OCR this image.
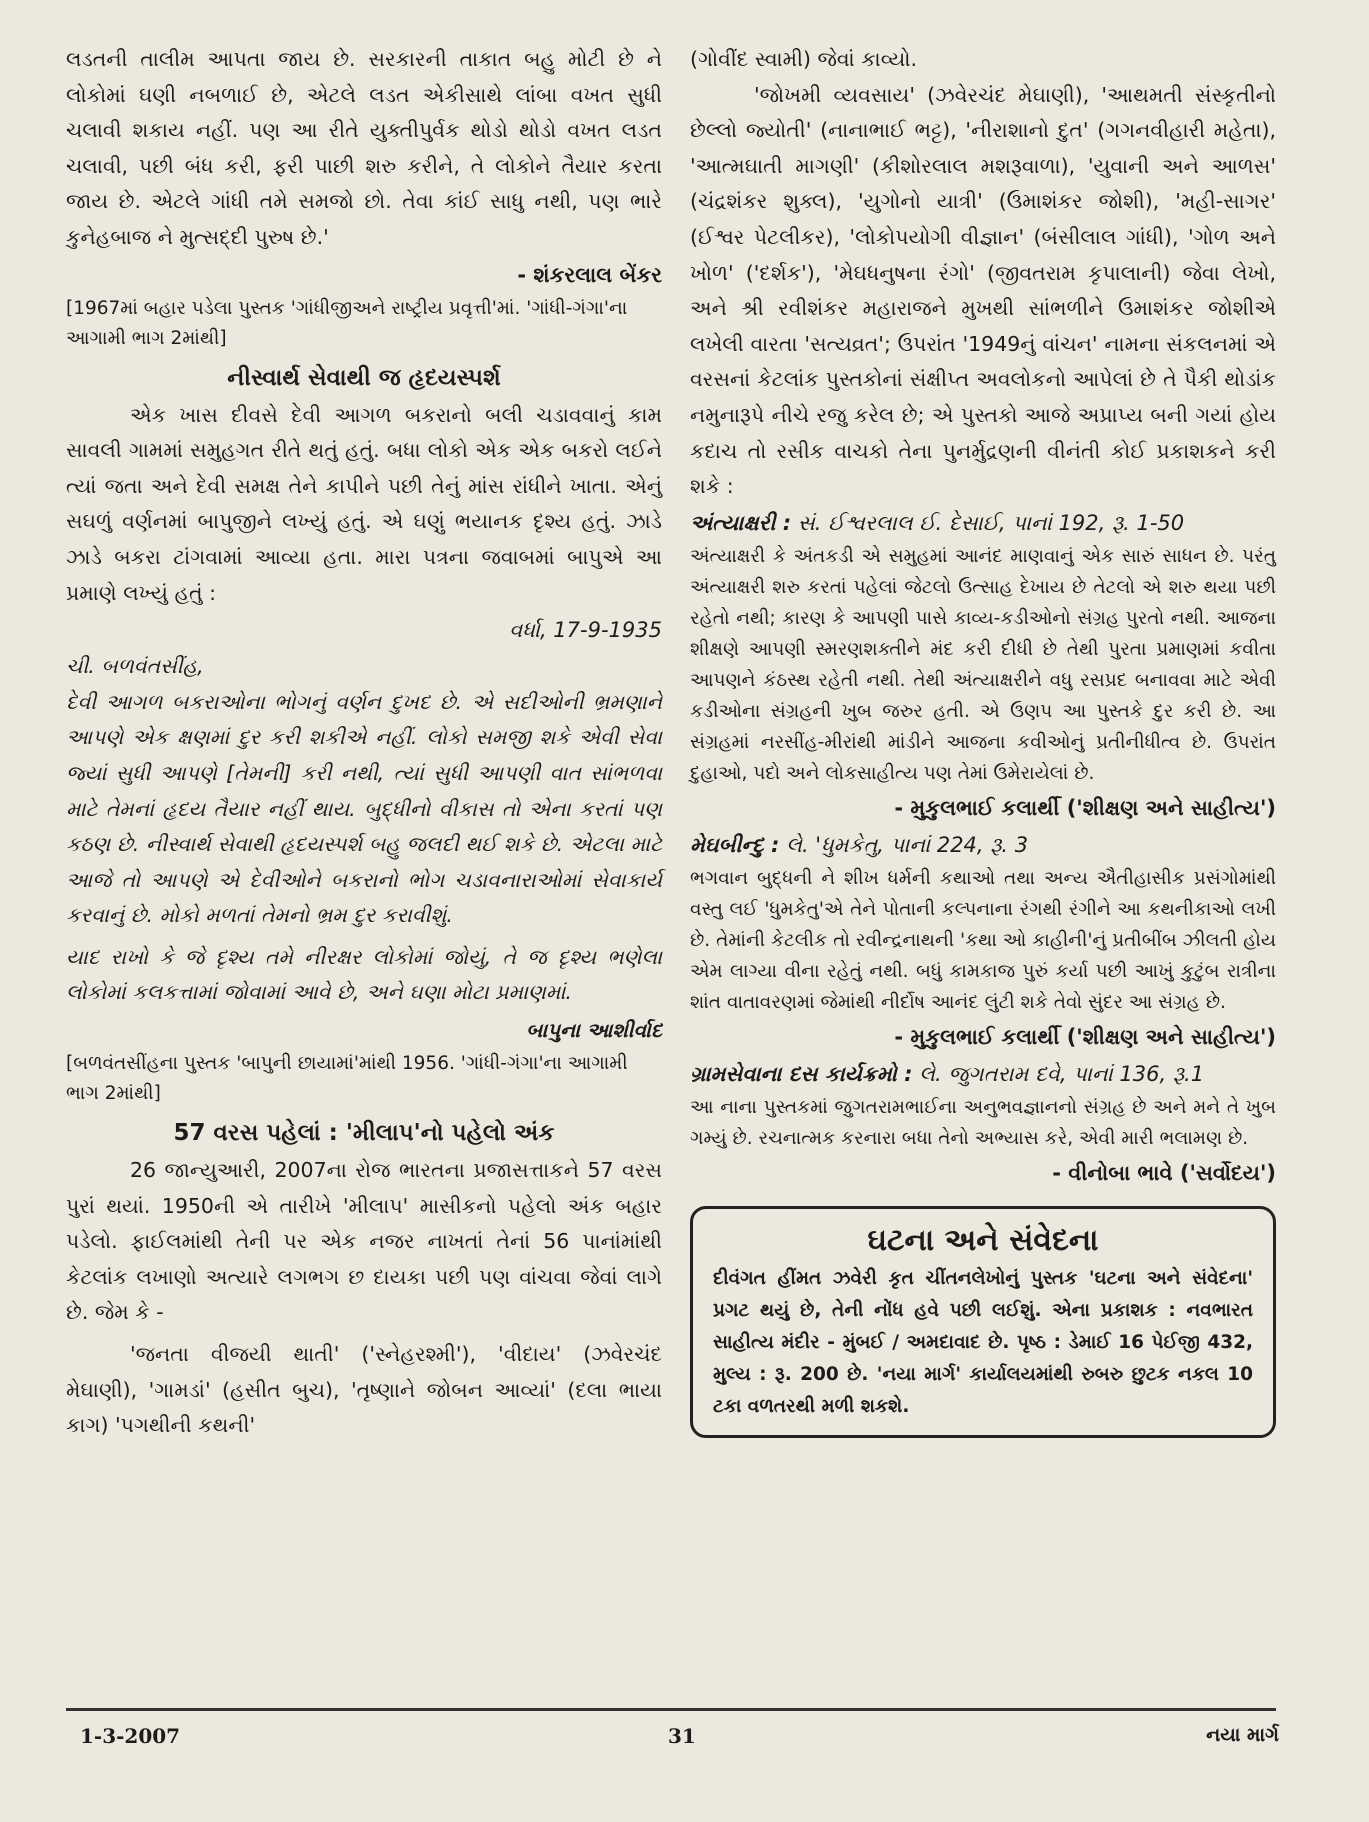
લડતની તાલીમ આપતા જાય છે. સરકારની તાકાત બહુ મોટી છે ને લોકોમાં ઘણી નબળાઈ છે, એટલે લડત એકીસાથે લાંબા વખત સુધી ચલાવી શકાય નહીં. પણ આ રીતે યુક્તીપુર્વક થોડો થોડો વખત લડત ચલાવી, પછી બંધ કરી, ફરી પાછી શરુ કરીને, તે લોકોને તૈયાર કરતા જાય છે. એટલે ગાંધી તમે સમજો છો. તેવા કાંઈ સાધુ નથી, પણ ભારે કુનેહબાજ ને મુત્સદ્દી પુરુષ છે.'

- શંકરલાલ બેંકર

[1967માં બહાર પડેલા પુસ્તક 'ગાંધીજીઅને રાષ્ટ્રીય પ્રવૃત્તી'માં. 'ગાંધી-ગંગા'ના આગામી ભાગ 2માંથી]

નીસ્વાર્થ સેવાથી જ હૃદયસ્પર્શ

એક ખાસ દીવસે દેવી આગળ બકરાનો બલી ચડાવવાનું કામ સાવલી ગામમાં સમુહગત રીતે થતું હતું. બધા લોકો એક એક બકરો લઈને ત્યાં જતા અને દેવી સમક્ષ તેને કાપીને પછી તેનું માંસ રાંધીને ખાતા. એનું સઘળું વર્ણનમાં બાપુજીને લખ્યું હતું. એ ઘણું ભયાનક દૃશ્ય હતું. ઝાડે ઝાડે બકરા ટાંગવામાં આવ્યા હતા. મારા પત્રના જવાબમાં બાપુએ આ પ્રમાણે લખ્યું હતું :

વર્ધા, 17-9-1935

ચી. બળવંતસીંહ,

દેવી આગળ બકરાઓના ભોગનું વર્ણન દુખદ છે. એ સદીઓની ભ્રમણાને આપણે એક ક્ષણમાં દુર કરી શકીએ નહીં. લોકો સમજી શકે એવી સેવા જ્યાં સુધી આપણે [તેમની] કરી નથી, ત્યાં સુધી આપણી વાત સાંભળવા માટે તેમનાં હૃદય તૈયાર નહીં થાય. બુદ્ધીનો વીકાસ તો એના કરતાં પણ કઠણ છે. નીસ્વાર્થ સેવાથી હૃદયસ્પર્શ બહુ જલદી થઈ શકે છે. એટલા માટે આજે તો આપણે એ દેવીઓને બકરાનો ભોગ ચડાવનારાઓમાં સેવાકાર્ય કરવાનું છે. મોકો મળતાં તેમનો ભ્રમ દુર કરાવીશું.

યાદ રાખો કે જે દૃશ્ય તમે નીરક્ષર લોકોમાં જોયું, તે જ દૃશ્ય ભણેલા લોકોમાં કલકત્તામાં જોવામાં આવે છે, અને ઘણા મોટા પ્રમાણમાં.

બાપુના આશીર્વાદ

[બળવંતસીંહના પુસ્તક 'બાપુની છાયામાં'માંથી 1956. 'ગાંધી-ગંગા'ના આગામી ભાગ 2માંથી]

57 વરસ પહેલાં : 'મીલાપ'નો પહેલો અંક

26 જાન્યુઆરી, 2007ના રોજ ભારતના પ્રજાસત્તાકને 57 વરસ પુરાં થયાં. 1950ની એ તારીખે 'મીલાપ' માસીકનો પહેલો અંક બહાર પડેલો. ફાઈલમાંથી તેની પર એક નજર નાખતાં તેનાં 56 પાનાંમાંથી કેટલાંક લખાણો અત્યારે લગભગ છ દાયકા પછી પણ વાંચવા જેવાં લાગે છે. જેમ કે -

'જનતા વીજયી થાતી' ('સ્નેહરશ્મી'), 'વીદાય' (ઝવેરચંદ મેઘાણી), 'ગામડાં' (હસીત બુચ), 'તૃષ્ણાને જોબન આવ્યાં' (દલા ભાયા કાગ) 'પગથીની કથની'

(ગોવીંદ સ્વામી) જેવાં કાવ્યો.

'જોખમી વ્યવસાય' (ઝવેરચંદ મેઘાણી), 'આથમતી સંસ્કૃતીનો છેલ્લો જ્યોતી' (નાનાભાઈ ભટ્ટ), 'નીરાશાનો દુત' (ગગનવીહારી મહેતા), 'આત્મઘાતી માગણી' (કીશોરલાલ મશરૂવાળા), 'યુવાની અને આળસ' (ચંદ્રશંકર શુક્લ), 'યુગોનો યાત્રી' (ઉમાશંકર જોશી), 'મહી-સાગર' (ઈશ્વર પેટલીકર), 'લોકોપયોગી વીજ્ઞાન' (બંસીલાલ ગાંધી), 'ગોળ અને ખોળ' ('દર્શક'), 'મેઘધનુષના રંગો' (જીવતરામ કૃપાલાની) જેવા લેખો, અને શ્રી રવીશંકર મહારાજને મુખથી સાંભળીને ઉમાશંકર જોશીએ લખેલી વારતા 'સત્યવ્રત'; ઉપરાંત '1949નું વાંચન' નામના સંકલનમાં એ વરસનાં કેટલાંક પુસ્તકોનાં સંક્ષીપ્ત અવલોકનો આપેલાં છે તે પૈકી થોડાંક નમુનારૂપે નીચે રજુ કરેલ છે; એ પુસ્તકો આજે અપ્રાપ્ય બની ગયાં હોય કદાચ તો રસીક વાચકો તેના પુનર્મુદ્રણની વીનંતી કોઈ પ્રકાશકને કરી શકે :

અંત્યાક્ષરી : સં. ઈશ્વરલાલ ઈ. દેસાઈ, પાનાં 192, રૂ. 1-50

અંત્યાક્ષરી કે અંતકડી એ સમુહમાં આનંદ માણવાનું એક સારું સાધન છે. પરંતુ અંત્યાક્ષરી શરુ કરતાં પહેલાં જેટલો ઉત્સાહ દેખાય છે તેટલો એ શરુ થયા પછી રહેતો નથી; કારણ કે આપણી પાસે કાવ્ય-કડીઓનો સંગ્રહ પુરતો નથી. આજના શીક્ષણે આપણી સ્મરણશક્તીને મંદ કરી દીધી છે તેથી પુરતા પ્રમાણમાં કવીતા આપણને કંઠસ્થ રહેતી નથી. તેથી અંત્યાક્ષરીને વધુ રસપ્રદ બનાવવા માટે એવી કડીઓના સંગ્રહની ખુબ જરુર હતી. એ ઉણપ આ પુસ્તકે દુર કરી છે. આ સંગ્રહમાં નરસીંહ-મીરાંથી માંડીને આજના કવીઓનું પ્રતીનીધીત્વ છે. ઉપરાંત દુહાઓ, પદો અને લોકસાહીત્ય પણ તેમાં ઉમેરાયેલાં છે.

- મુકુલભાઈ કલાર્થી ('શીક્ષણ અને સાહીત્ય')

મેઘબીન્દુ : લે. 'ધુમકેતુ, પાનાં 224, રૂ. 3

ભગવાન બુદ્ધની ને શીખ ધર્મની કથાઓ તથા અન્ય ઐતીહાસીક પ્રસંગોમાંથી વસ્તુ લઈ 'ધુમકેતુ'એ તેને પોતાની કલ્પનાના રંગથી રંગીને આ કથનીકાઓ લખી છે. તેમાંની કેટલીક તો રવીન્દ્રનાથની 'કથા ઓ કાહીની'નું પ્રતીબીંબ ઝીલતી હોય એમ લાગ્યા વીના રહેતું નથી. બધું કામકાજ પુરું કર્યા પછી આખું કુટુંબ રાત્રીના શાંત વાતાવરણમાં જેમાંથી નીર્દોષ આનંદ લુંટી શકે તેવો સુંદર આ સંગ્રહ છે.

- મુકુલભાઈ કલાર્થી ('શીક્ષણ અને સાહીત્ય')

ગ્રામસેવાના દસ કાર્યક્રમો : લે. જુગતરામ દવે, પાનાં 136, રૂ.1

આ નાના પુસ્તકમાં જુગતરામભાઈના અનુભવજ્ઞાનનો સંગ્રહ છે અને મને તે ખુબ ગમ્યું છે. રચનાત્મક કરનારા બધા તેનો અભ્યાસ કરે, એવી મારી ભલામણ છે.

- વીનોબા ભાવે ('સર્વોદય')

ઘટના અને સંવેદના

દીવંગત હીંમત ઝવેરી કૃત ચીંતનલેખોનું પુસ્તક 'ઘટના અને સંવેદના' પ્રગટ થયું છે, તેની નોંધ હવે પછી લઈશું. એના પ્રકાશક : નવભારત સાહીત્ય મંદીર - મુંબઈ / અમદાવાદ છે. પૃષ્ઠ : ડેમાઈ 16 પેઈજી 432, મુલ્ય : રૂ. 200 છે. 'નયા માર્ગ' કાર્યાલયમાંથી રુબરુ છુટક નકલ 10 ટકા વળતરથી મળી શકશે.

1-3-2007	31	નયા માર્ગ
